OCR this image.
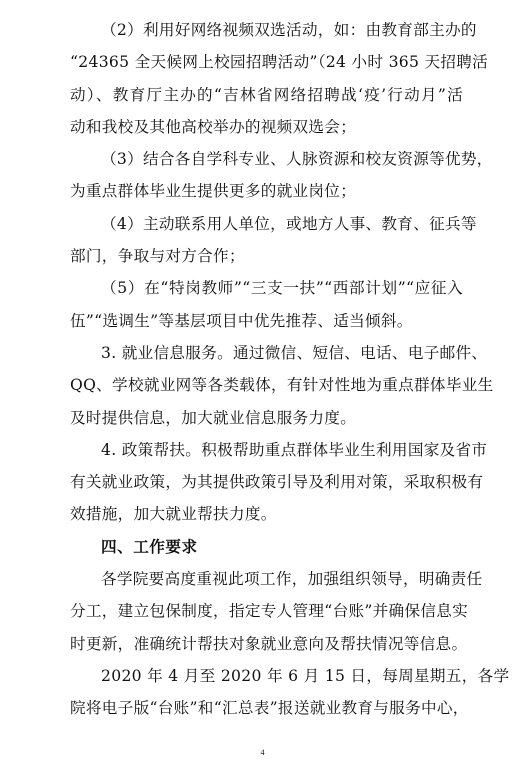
（2）利用好网络视频双选活动，如：由教育部主办的
“24365 全天候网上校园招聘活动”（24 小时 365 天招聘活
动）、教育厅主办的“吉林省网络招聘战‘疫’行动月”活
动和我校及其他高校举办的视频双选会；
（3）结合各自学科专业、人脉资源和校友资源等优势，
为重点群体毕业生提供更多的就业岗位；
（4）主动联系用人单位，或地方人事、教育、征兵等
部门，争取与对方合作；
（5）在“特岗教师”“三支一扶”“西部计划”“应征入
伍”“选调生”等基层项目中优先推荐、适当倾斜。
3. 就业信息服务。通过微信、短信、电话、电子邮件、
QQ、学校就业网等各类载体，有针对性地为重点群体毕业生
及时提供信息，加大就业信息服务力度。
4. 政策帮扶。积极帮助重点群体毕业生利用国家及省市
有关就业政策，为其提供政策引导及利用对策，采取积极有
效措施，加大就业帮扶力度。
四、工作要求
各学院要高度重视此项工作，加强组织领导，明确责任
分工，建立包保制度，指定专人管理“台账”并确保信息实
时更新，准确统计帮扶对象就业意向及帮扶情况等信息。
2020 年 4 月至 2020 年 6 月 15 日，每周星期五，各学
院将电子版“台账”和“汇总表”报送就业教育与服务中心，
4
